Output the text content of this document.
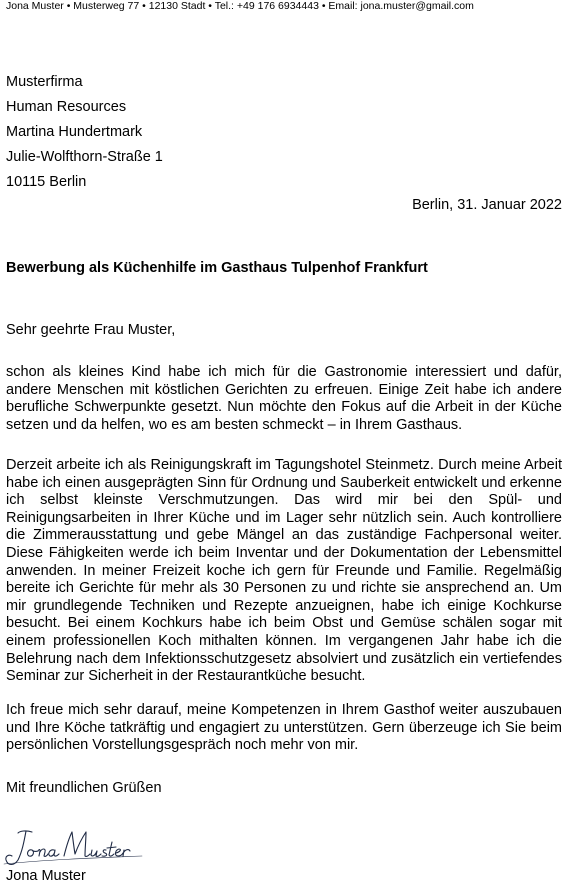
Jona Muster • Musterweg 77 • 12130 Stadt • Tel.: +49 176 6934443 • Email: jona.muster@gmail.com
Musterfirma
Human Resources
Martina Hundertmark
Julie-Wolfthorn-Straße 1
10115 Berlin
Berlin, 31. Januar 2022
Bewerbung als Küchenhilfe im Gasthaus Tulpenhof Frankfurt
Sehr geehrte Frau Muster,
schon als kleines Kind habe ich mich für die Gastronomie interessiert und dafür, andere Menschen mit köstlichen Gerichten zu erfreuen. Einige Zeit habe ich andere berufliche Schwerpunkte gesetzt. Nun möchte den Fokus auf die Arbeit in der Küche setzen und da helfen, wo es am besten schmeckt – in Ihrem Gasthaus.
Derzeit arbeite ich als Reinigungskraft im Tagungshotel Steinmetz. Durch meine Arbeit habe ich einen ausgeprägten Sinn für Ordnung und Sauberkeit entwickelt und erkenne ich selbst kleinste Verschmutzungen. Das wird mir bei den Spül- und Reinigungsarbeiten in Ihrer Küche und im Lager sehr nützlich sein. Auch kontrolliere die Zimmerausstattung und gebe Mängel an das zuständige Fachpersonal weiter. Diese Fähigkeiten werde ich beim Inventar und der Dokumentation der Lebensmittel anwenden. In meiner Freizeit koche ich gern für Freunde und Familie. Regelmäßig bereite ich Gerichte für mehr als 30 Personen zu und richte sie ansprechend an. Um mir grundlegende Techniken und Rezepte anzueignen, habe ich einige Kochkurse besucht. Bei einem Kochkurs habe ich beim Obst und Gemüse schälen sogar mit einem professionellen Koch mithalten können. Im vergangenen Jahr habe ich die Belehrung nach dem Infektionsschutzgesetz absolviert und zusätzlich ein vertiefendes Seminar zur Sicherheit in der Restaurantküche besucht.
Ich freue mich sehr darauf, meine Kompetenzen in Ihrem Gasthof weiter auszubauen und Ihre Köche tatkräftig und engagiert zu unterstützen. Gern überzeuge ich Sie beim persönlichen Vorstellungsgespräch noch mehr von mir.
Mit freundlichen Grüßen
Jona Muster
